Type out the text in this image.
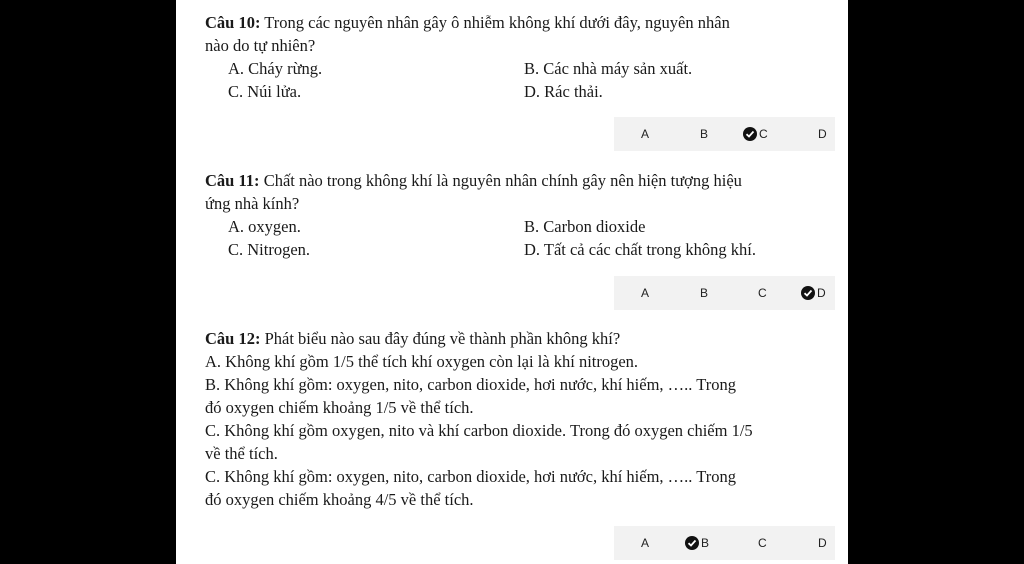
Câu 10: Trong các nguyên nhân gây ô nhiễm không khí dưới đây, nguyên nhân
nào do tự nhiên?
A. Cháy rừng.	B. Các nhà máy sản xuất.
C. Núi lửa.	D. Rác thải.
A	B	C	D
Câu 11: Chất nào trong không khí là nguyên nhân chính gây nên hiện tượng hiệu
ứng nhà kính?
A. oxygen.	B. Carbon dioxide
C. Nitrogen.	D. Tất cả các chất trong không khí.
A	B	C	D
Câu 12: Phát biểu nào sau đây đúng về thành phần không khí?
A. Không khí gồm 1/5 thể tích khí oxygen còn lại là khí nitrogen.
B. Không khí gồm: oxygen, nito, carbon dioxide, hơi nước, khí hiếm, ….. Trong
đó oxygen chiếm khoảng 1/5 về thể tích.
C. Không khí gồm oxygen, nito và khí carbon dioxide. Trong đó oxygen chiếm 1/5
về thể tích.
C. Không khí gồm: oxygen, nito, carbon dioxide, hơi nước, khí hiếm, ….. Trong
đó oxygen chiếm khoảng 4/5 về thể tích.
A	B	C	D
